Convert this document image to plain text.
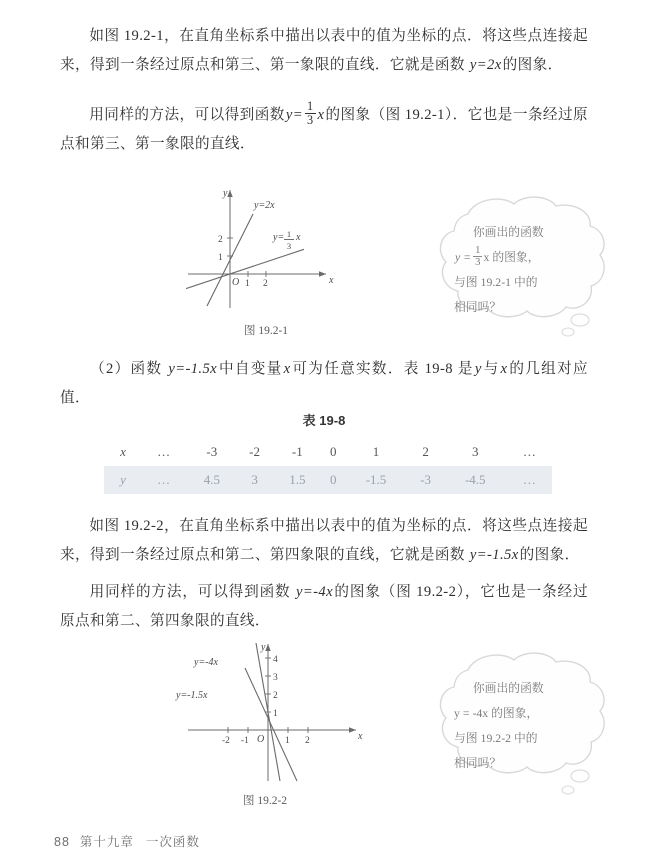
如图 19.2-1，在直角坐标系中描出以表中的值为坐标的点．将这些点连接起来，得到一条经过原点和第三、第一象限的直线．它就是函数 y=2x的图象．
用同样的方法，可以得到函数$y= \frac{1}{3}$ x的图象（图 19.2-1）．它也是一条经过原点和第三、第一象限的直线．
y
x
O 1 2
1
2
y=2x
y= 1
3
x
图 19.2-1
你画出的函数
$y = \frac{1}{3}$ x 的图象，
与图 19.2-1 中的
相同吗？
（2）函数 y=-1.5x中自变量x可为任意实数．表 19-8 是y与x的几组对应值．
表 19-8
x	…	-3	-2	-1	0	1	2	3	…
y	…	4.5	3	1.5	0	-1.5	-3	-4.5	…
如图 19.2-2，在直角坐标系中描出以表中的值为坐标的点．将这些点连接起来，得到一条经过原点和第二、第四象限的直线，它就是函数 y=-1.5x的图象．
用同样的方法，可以得到函数 y=-4x的图象（图 19.2-2），它也是一条经过原点和第二、第四象限的直线．
y
x
O
-2 -1	1 2
1
2
3
4
y=-4x
y=-1.5x
图 19.2-2
你画出的函数
y = -4x 的图象，
与图 19.2-2 中的
相同吗？
88 第十九章 一次函数
